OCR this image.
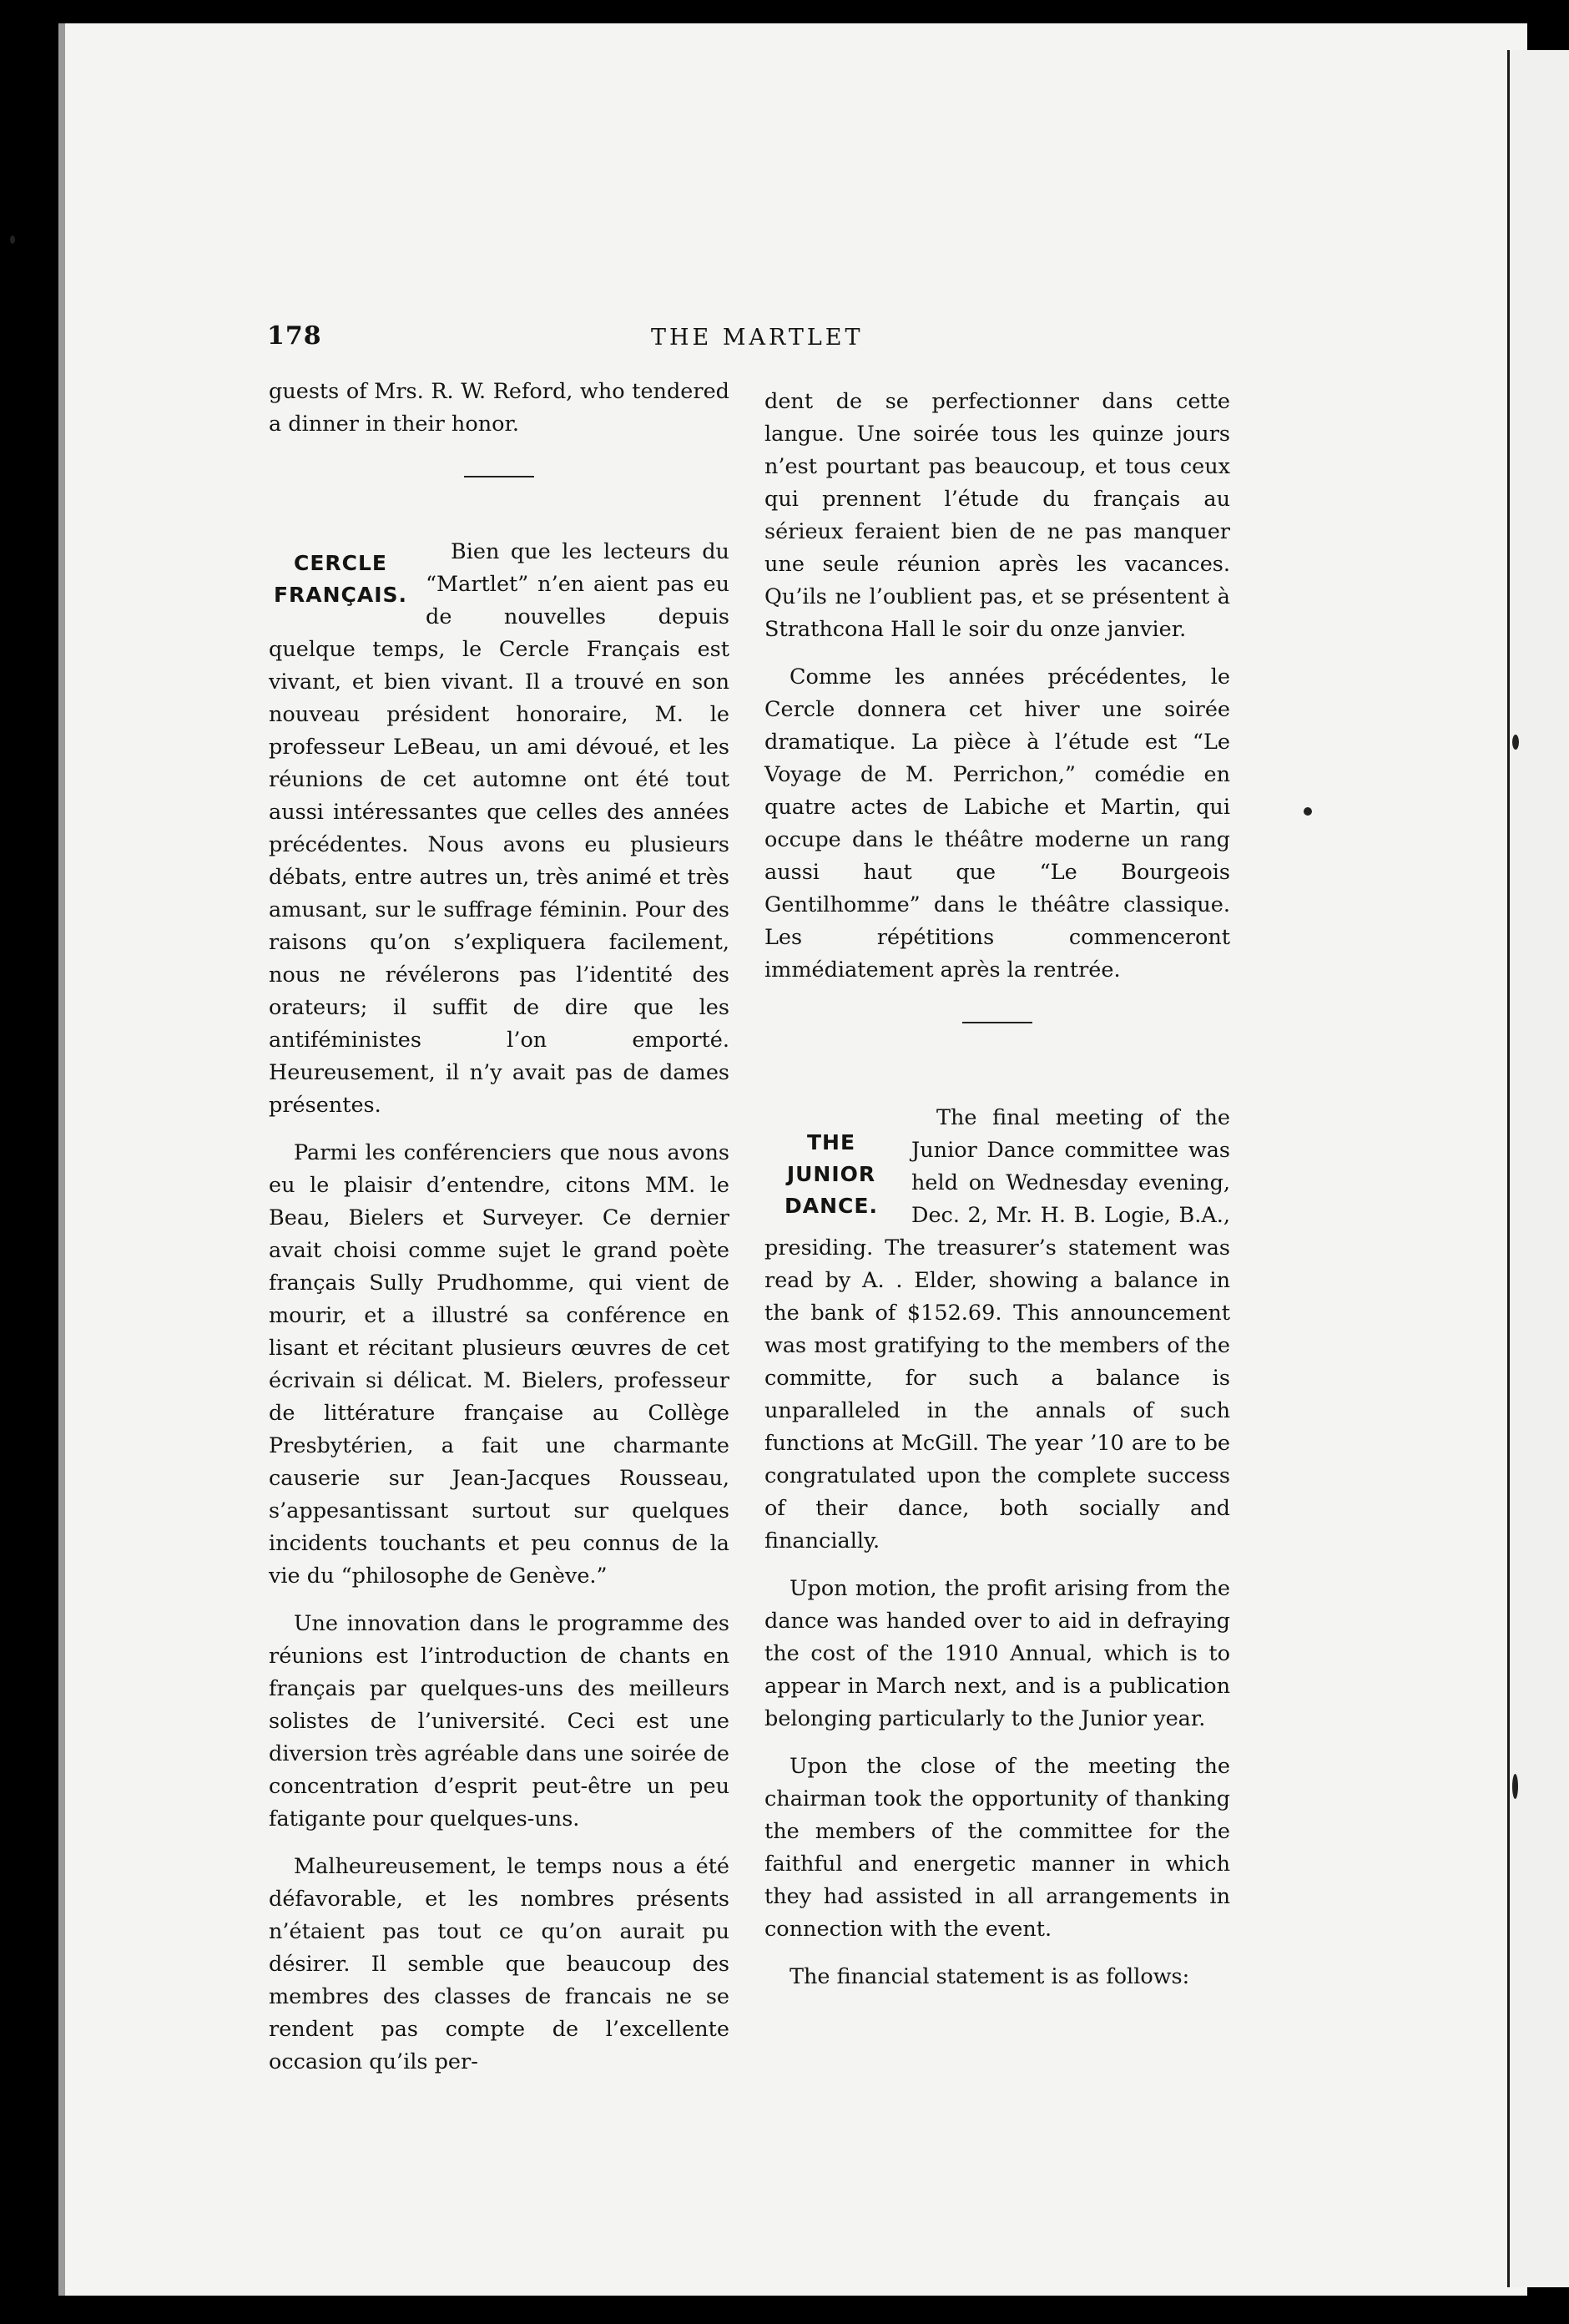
178	THE MARTLET

guests of Mrs. R. W. Reford, who tendered a dinner in their honor.

CERCLE
FRANÇAIS.

Bien que les lecteurs du “Martlet” n’en aient pas eu de nouvelles depuis quelque temps, le Cercle Français est vivant, et bien vivant. Il a trouvé en son nouveau président honoraire, M. le professeur LeBeau, un ami dévoué, et les réunions de cet automne ont été tout aussi intéressantes que celles des années précédentes. Nous avons eu plusieurs débats, entre autres un, très animé et très amusant, sur le suffrage féminin. Pour des raisons qu’on s’expliquera facilement, nous ne révélerons pas l’identité des orateurs; il suffit de dire que les antiféministes l’on emporté. Heureusement, il n’y avait pas de dames présentes.

Parmi les conférenciers que nous avons eu le plaisir d’entendre, citons MM. le Beau, Bielers et Surveyer. Ce dernier avait choisi comme sujet le grand poète français Sully Prudhomme, qui vient de mourir, et a illustré sa conférence en lisant et récitant plusieurs œuvres de cet écrivain si délicat. M. Bielers, professeur de littérature française au Collège Presbytérien, a fait une charmante causerie sur Jean-Jacques Rousseau, s’appesantissant surtout sur quelques incidents touchants et peu connus de la vie du “philosophe de Genève.”

Une innovation dans le programme des réunions est l’introduction de chants en français par quelques-uns des meilleurs solistes de l’université. Ceci est une diversion très agréable dans une soirée de concentration d’esprit peut-être un peu fatigante pour quelques-uns.

Malheureusement, le temps nous a été défavorable, et les nombres présents n’étaient pas tout ce qu’on aurait pu désirer. Il semble que beaucoup des membres des classes de francais ne se rendent pas compte de l’excellente occasion qu’ils per-

dent de se perfectionner dans cette langue. Une soirée tous les quinze jours n’est pourtant pas beaucoup, et tous ceux qui prennent l’étude du français au sérieux feraient bien de ne pas manquer une seule réunion après les vacances. Qu’ils ne l’oublient pas, et se présentent à Strathcona Hall le soir du onze janvier.

Comme les années précédentes, le Cercle donnera cet hiver une soirée dramatique. La pièce à l’étude est “Le Voyage de M. Perrichon,” comédie en quatre actes de Labiche et Martin, qui occupe dans le théâtre moderne un rang aussi haut que “Le Bourgeois Gentilhomme” dans le théâtre classique. Les répétitions commenceront immédiatement après la rentrée.

THE
JUNIOR
DANCE.

The final meeting of the Junior Dance committee was held on Wednesday evening, Dec. 2, Mr. H. B. Logie, B.A., presiding. The treasurer’s statement was read by A. . Elder, showing a balance in the bank of $152.69. This announcement was most gratifying to the members of the committe, for such a balance is unparalleled in the annals of such functions at McGill. The year ’10 are to be congratulated upon the complete success of their dance, both socially and financially.

Upon motion, the profit arising from the dance was handed over to aid in defraying the cost of the 1910 Annual, which is to appear in March next, and is a publication belonging particularly to the Junior year.

Upon the close of the meeting the chairman took the opportunity of thanking the members of the committee for the faithful and energetic manner in which they had assisted in all arrangements in connection with the event.

The financial statement is as follows:
